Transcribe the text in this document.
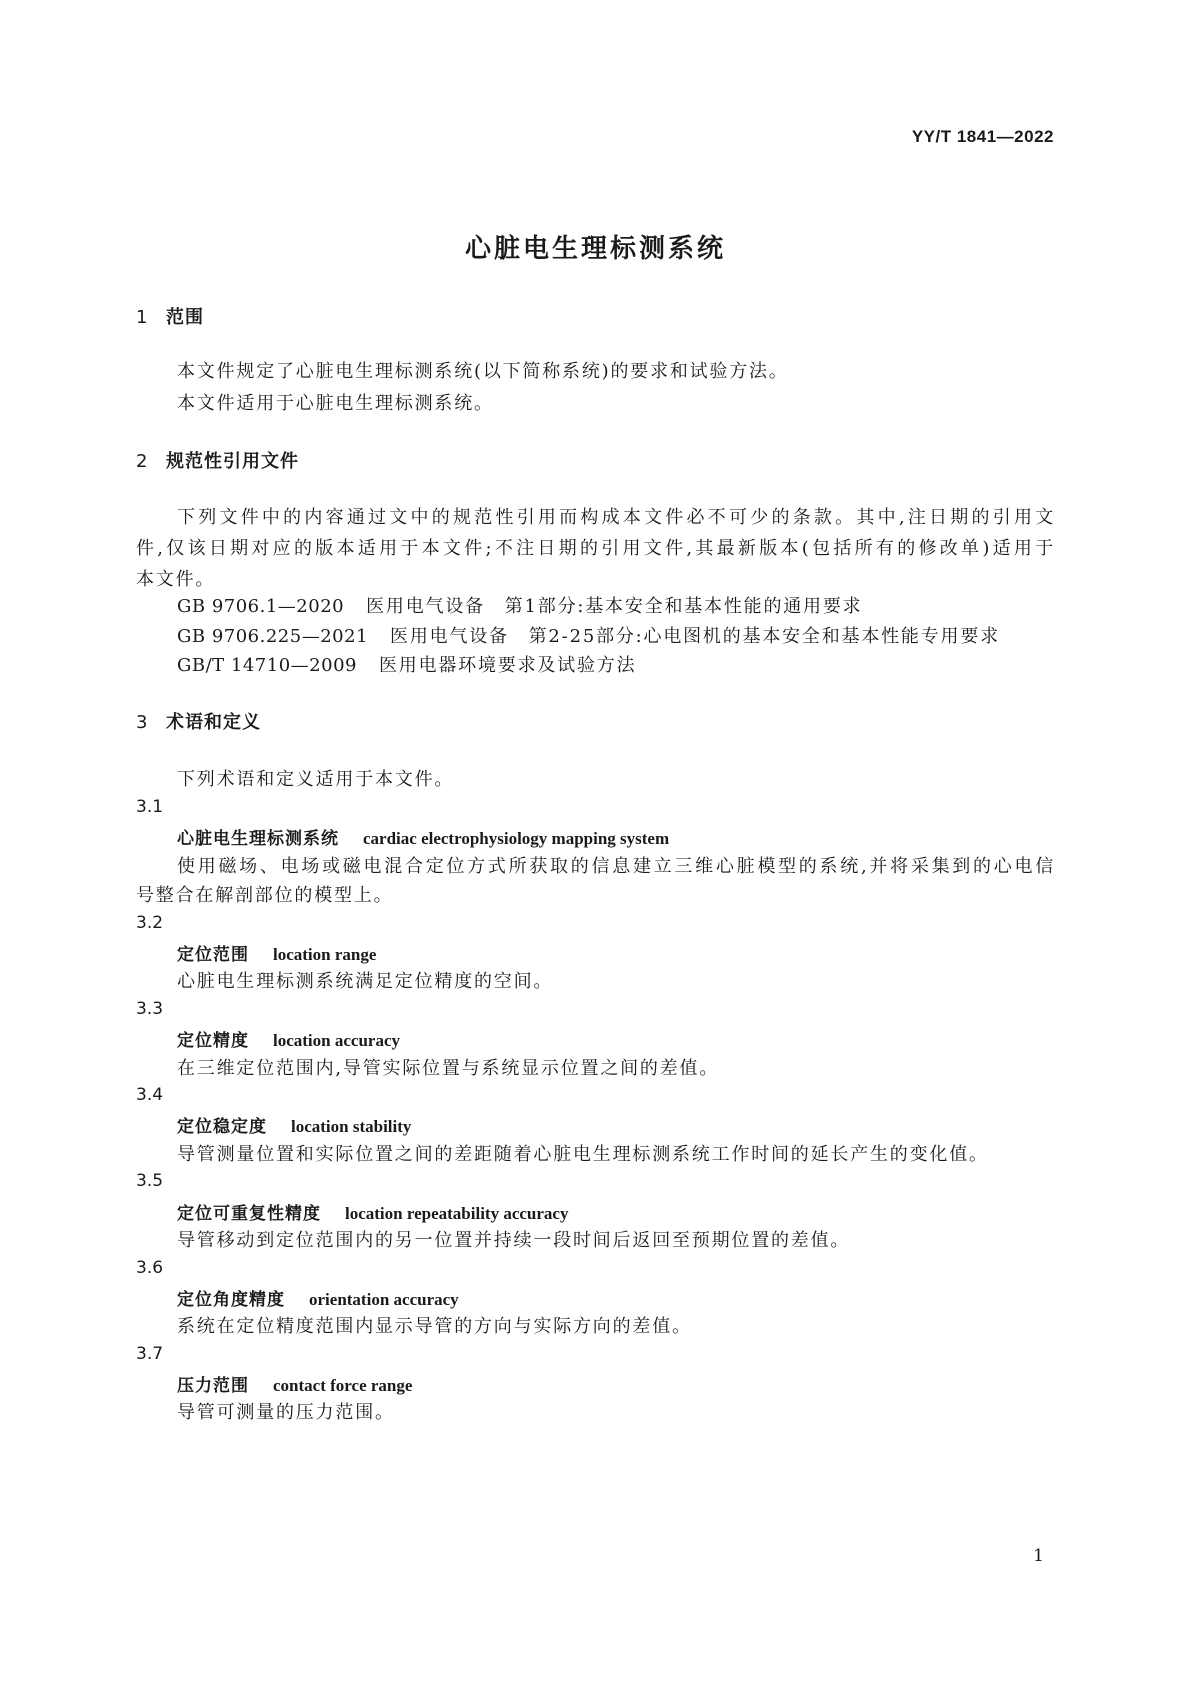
YY/T 1841—2022

心脏电生理标测系统
1 范围

本文件规定了心脏电生理标测系统(以下简称系统)的要求和试验方法。

本文件适用于心脏电生理标测系统。

2 规范性引用文件

下列文件中的内容通过文中的规范性引用而构成本文件必不可少的条款。其中,注日期的引用文

件,仅该日期对应的版本适用于本文件;不注日期的引用文件,其最新版本(包括所有的修改单)适用于

本文件。

GB 9706.1—2020 医用电气设备　第1部分:基本安全和基本性能的通用要求

GB 9706.225—2021 医用电气设备　第2-25部分:心电图机的基本安全和基本性能专用要求

GB/T 14710—2009 医用电器环境要求及试验方法

3 术语和定义

下列术语和定义适用于本文件。

3.1
心脏电生理标测系统 cardiac electrophysiology mapping system

使用磁场、电场或磁电混合定位方式所获取的信息建立三维心脏模型的系统,并将采集到的心电信

号整合在解剖部位的模型上。

3.2
定位范围 location range

心脏电生理标测系统满足定位精度的空间。

3.3
定位精度 location accuracy

在三维定位范围内,导管实际位置与系统显示位置之间的差值。

3.4
定位稳定度 location stability

导管测量位置和实际位置之间的差距随着心脏电生理标测系统工作时间的延长产生的变化值。

3.5
定位可重复性精度 location repeatability accuracy

导管移动到定位范围内的另一位置并持续一段时间后返回至预期位置的差值。

3.6
定位角度精度 orientation accuracy

系统在定位精度范围内显示导管的方向与实际方向的差值。

3.7
压力范围 contact force range

导管可测量的压力范围。

1
